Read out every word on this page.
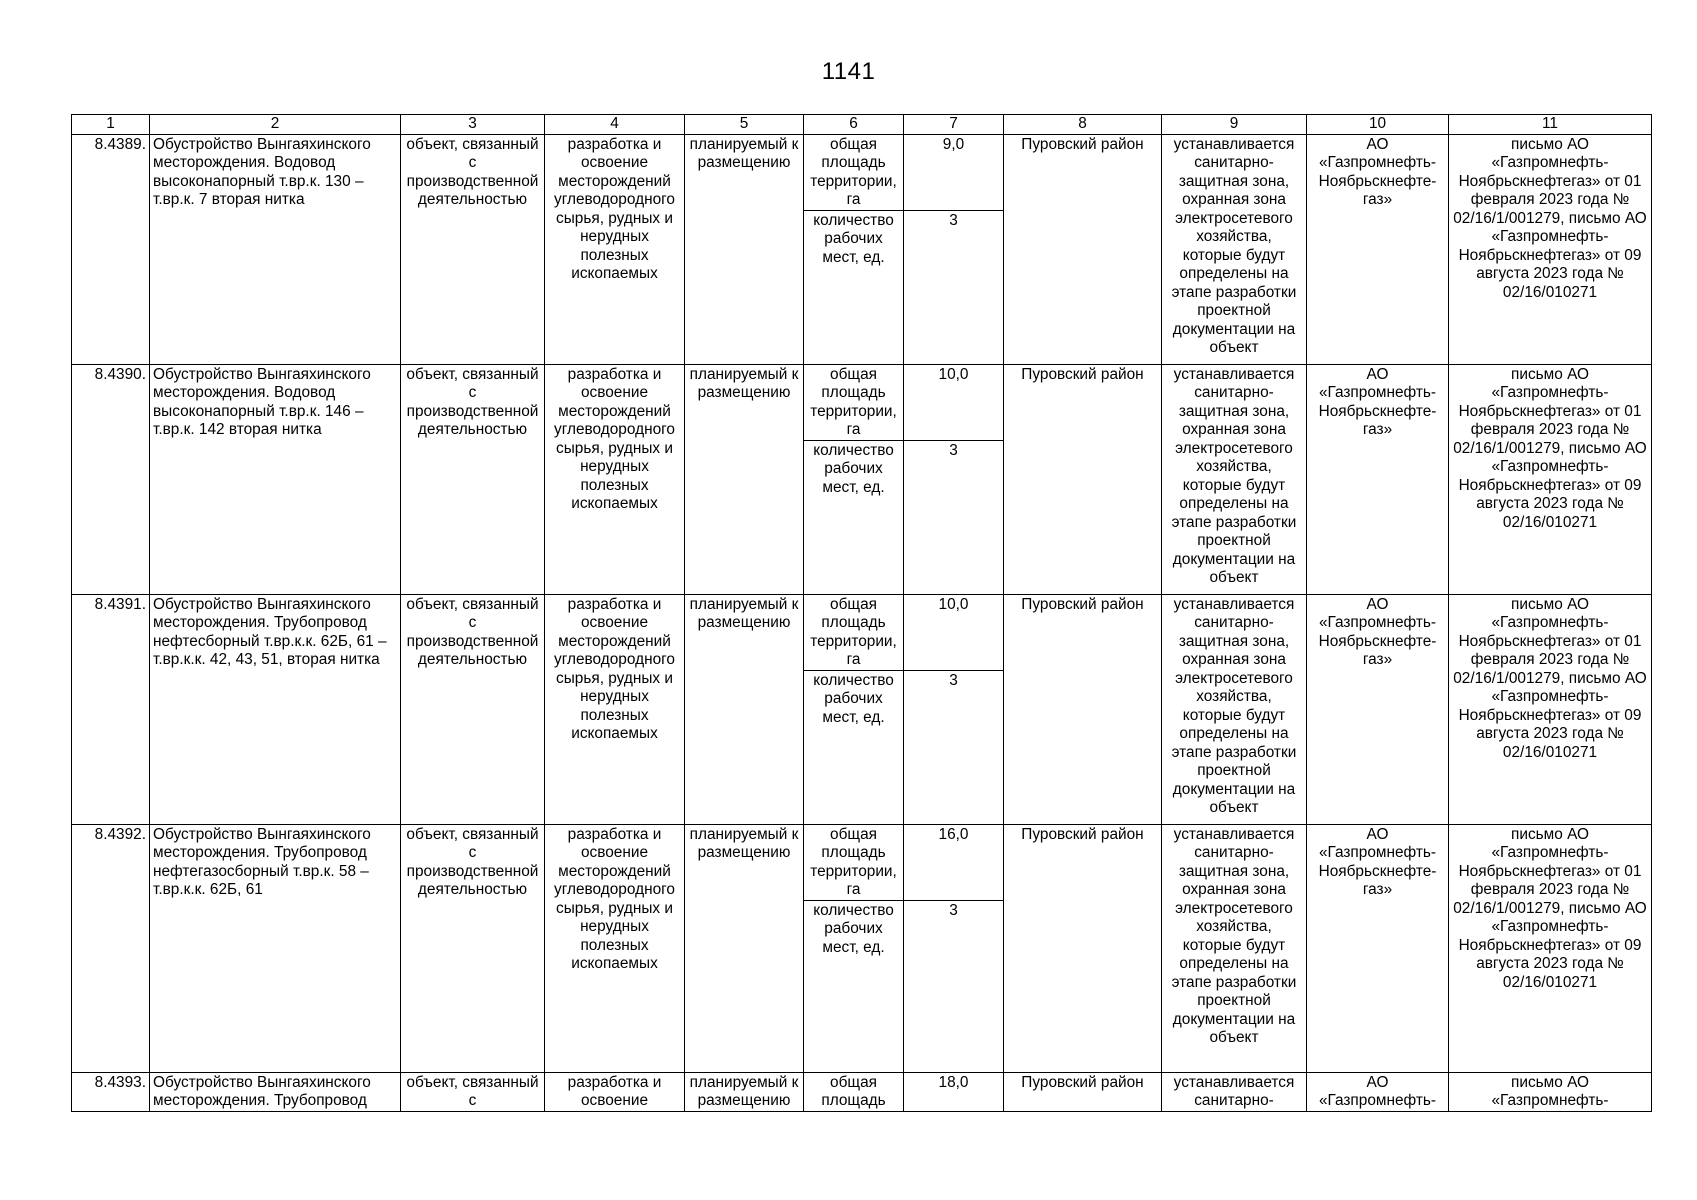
1141
1	2	3	4	5	6	7	8	9	10	11
8.4389.	Обустройство Вынгаяхинского месторождения. Водовод высоконапорный т.вр.к. 130 – т.вр.к. 7 вторая нитка	объект, связанный с производственной деятельностью	разработка и освоение месторождений углеводородного сырья, рудных и нерудных полезных ископаемых	планируемый к размещению	общая площадь территории, га	9,0	Пуровский район	устанавливается санитарно-защитная зона, охранная зона электросетевого хозяйства, которые будут определены на этапе разработки проектной документации на объект	АО «Газпромнефть-Ноябрьскнефте-газ»	письмо АО «Газпромнефть-Ноябрьскнефтегаз» от 01 февраля 2023 года № 02/16/1/001279, письмо АО «Газпромнефть-Ноябрьскнефтегаз» от 09 августа 2023 года № 02/16/010271
					количество рабочих мест, ед.	3				
8.4390.	Обустройство Вынгаяхинского месторождения. Водовод высоконапорный т.вр.к. 146 – т.вр.к. 142 вторая нитка	объект, связанный с производственной деятельностью	разработка и освоение месторождений углеводородного сырья, рудных и нерудных полезных ископаемых	планируемый к размещению	общая площадь территории, га	10,0	Пуровский район	устанавливается санитарно-защитная зона, охранная зона электросетевого хозяйства, которые будут определены на этапе разработки проектной документации на объект	АО «Газпромнефть-Ноябрьскнефте-газ»	письмо АО «Газпромнефть-Ноябрьскнефтегаз» от 01 февраля 2023 года № 02/16/1/001279, письмо АО «Газпромнефть-Ноябрьскнефтегаз» от 09 августа 2023 года № 02/16/010271
					количество рабочих мест, ед.	3				
8.4391.	Обустройство Вынгаяхинского месторождения. Трубопровод нефтесборный т.вр.к.к. 62Б, 61 – т.вр.к.к. 42, 43, 51, вторая нитка	объект, связанный с производственной деятельностью	разработка и освоение месторождений углеводородного сырья, рудных и нерудных полезных ископаемых	планируемый к размещению	общая площадь территории, га	10,0	Пуровский район	устанавливается санитарно-защитная зона, охранная зона электросетевого хозяйства, которые будут определены на этапе разработки проектной документации на объект	АО «Газпромнефть-Ноябрьскнефте-газ»	письмо АО «Газпромнефть-Ноябрьскнефтегаз» от 01 февраля 2023 года № 02/16/1/001279, письмо АО «Газпромнефть-Ноябрьскнефтегаз» от 09 августа 2023 года № 02/16/010271
					количество рабочих мест, ед.	3				
8.4392.	Обустройство Вынгаяхинского месторождения. Трубопровод нефтегазосборный т.вр.к. 58 – т.вр.к.к. 62Б, 61	объект, связанный с производственной деятельностью	разработка и освоение месторождений углеводородного сырья, рудных и нерудных полезных ископаемых	планируемый к размещению	общая площадь территории, га	16,0	Пуровский район	устанавливается санитарно-защитная зона, охранная зона электросетевого хозяйства, которые будут определены на этапе разработки проектной документации на объект	АО «Газпромнефть-Ноябрьскнефте-газ»	письмо АО «Газпромнефть-Ноябрьскнефтегаз» от 01 февраля 2023 года № 02/16/1/001279, письмо АО «Газпромнефть-Ноябрьскнефтегаз» от 09 августа 2023 года № 02/16/010271
					количество рабочих мест, ед.	3				
8.4393.	Обустройство Вынгаяхинского месторождения. Трубопровод	объект, связанный с	разработка и освоение	планируемый к размещению	общая площадь	18,0	Пуровский район	устанавливается санитарно-	АО «Газпромнефть-	письмо АО «Газпромнефть-
